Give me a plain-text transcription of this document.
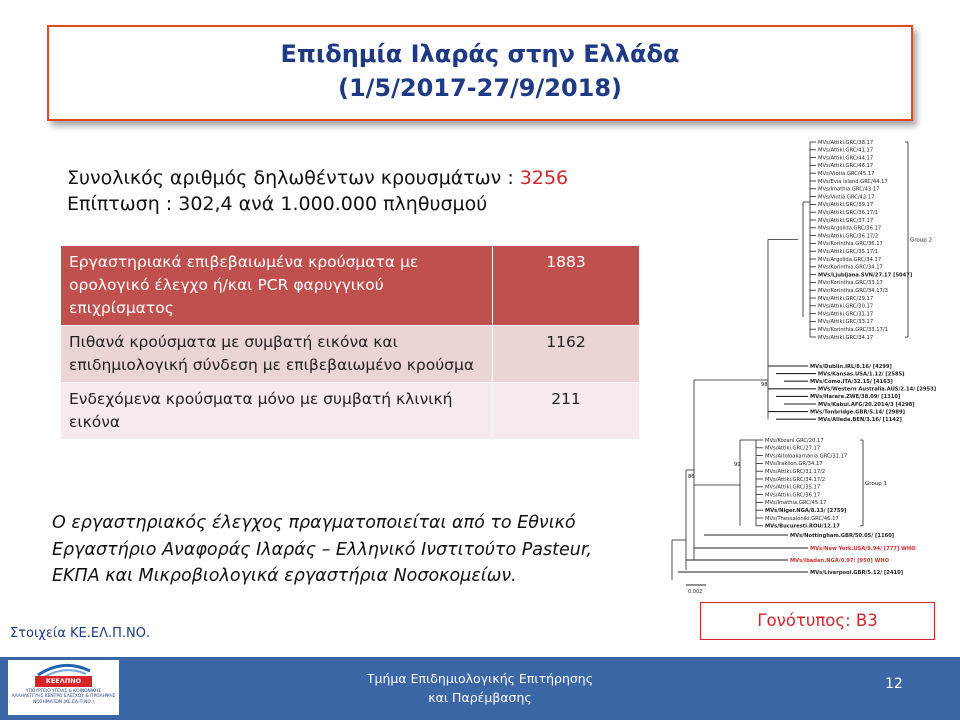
Επιδημία Ιλαράς στην Ελλάδα
(1/5/2017-27/9/2018)
Συνολικός αριθμός δηλωθέντων κρουσμάτων : 3256
Επίπτωση : 302,4 ανά 1.000.000 πληθυσμού
Εργαστηριακά επιβεβαιωμένα κρούσματα με ορολογικό έλεγχο ή/και PCR φαρυγγικού επιχρίσματος	1883
Πιθανά κρούσματα με συμβατή εικόνα και επιδημιολογική σύνδεση με επιβεβαιωμένο κρούσμα	1162
Ενδεχόμενα κρούσματα μόνο με συμβατή κλινική εικόνα	211
Ο εργαστηριακός έλεγχος πραγματοποιείται από το Εθνικό
Εργαστήριο Αναφοράς Ιλαράς – Ελληνικό Ινστιτούτο Pasteur,
ΕΚΠΑ και Μικροβιολογικά εργαστήρια Νοσοκομείων.
MVs/Attiki.GRC/38.17
MVs/Attiki.GRC/41.17
MVs/Attiki.GRC/44.17
MVs/Attiki.GRC/46.17
MVs/Viotia.GRC/45.17
MVs/Evia Island.GRC/44.17
MVs/Imathia.GRC/43.17
MVs/Viotia.GRC/42.17
MVs/Attiki.GRC/39.17
MVs/Attiki.GRC/36.17/1
MVs/Attiki.GRC/37.17
MVs/Argolida.GRC/36.17
MVs/Attiki.GRC/36.17/2
MVs/Korinthia.GRC/36.17
MVs/Attiki.GRC/35.17/1
MVs/Argolida.GRC/34.17
MVs/Korinthia.GRC/34.17
MVs/Ljubljana.SVN/27.17 [5047]
MVs/Korinthia.GRC/33.17
MVs/Korinthia.GRC/34.17/3
MVs/Attiki.GRC/29.17
MVs/Attiki.GRC/30.17
MVs/Attiki.GRC/31.17
MVs/Attiki.GRC/33.17
MVs/Korinthia.GRC/33.17/1
MVs/Attiki.GRC/34.17
Group 2
MVs/Dublin.IRL/8.16/ [4299]
MVs/Kansas.USA/1.12/ [2585]
MVs/Como.ITA/32.15/ [4163]
MVs/Western Australia.AUS/2.14/ [2953]
MVs/Harare.ZWE/38.09/ [1310]
MVs/Kabul.AFG/20.2014/3 [4298]
MVs/Tonbridge.GBR/5.14/ [2989]
MVs/Alleda.BEN/3.16/ [1142]
MVs/Kozani.GRC/20.17
MVs/Attiki.GRC/27.17
MVs/Aitoloakarnania.GRC/31.17
MVs/Iraklion.GR/34.17
MVs/Attiki.GRC/31.17/2
MVs/Attiki.GRC/34.17/2
MVs/Attiki.GRC/35.17
MVs/Attiki.GRC/36.17
MVs/Imathia.GRC/45.17
MVs/Niger.NGA/8.13/ [2759]
MVs/Thessaloniki.GRC/46.17
MVs/Bucuresti.ROU/12.17
Group 1
98
99
86
MVs/Nottingham.GBR/50.05/ [1160]
MVs/New York.USA/9.94/ [777] WHO
MVs/Ibadan.NGA/0.97/ [950] WHO
MVs/Liverpool.GBR/5.12/ [2410]
0.002
Στοιχεία ΚΕ.ΕΛ.Π.ΝΟ.
Γονότυπος: B3
Τμήμα Επιδημιολογικής Επιτήρησης
και Παρέμβασης
12
ΚΕΕΛΠΝΟ
ΥΠΟΥΡΓΕΙΟ ΥΓΕΙΑΣ & ΚΟΙΝΩΝΙΚΗΣ ΑΛΛΗΛΕΓΓΥΗΣ ΚΕΝΤΡΟ ΕΛΕΓΧΟΥ & ΠΡΟΛΗΨΗΣ ΝΟΣΗΜΑΤΩΝ (ΚΕ.ΕΛ.Π.ΝΟ.)
